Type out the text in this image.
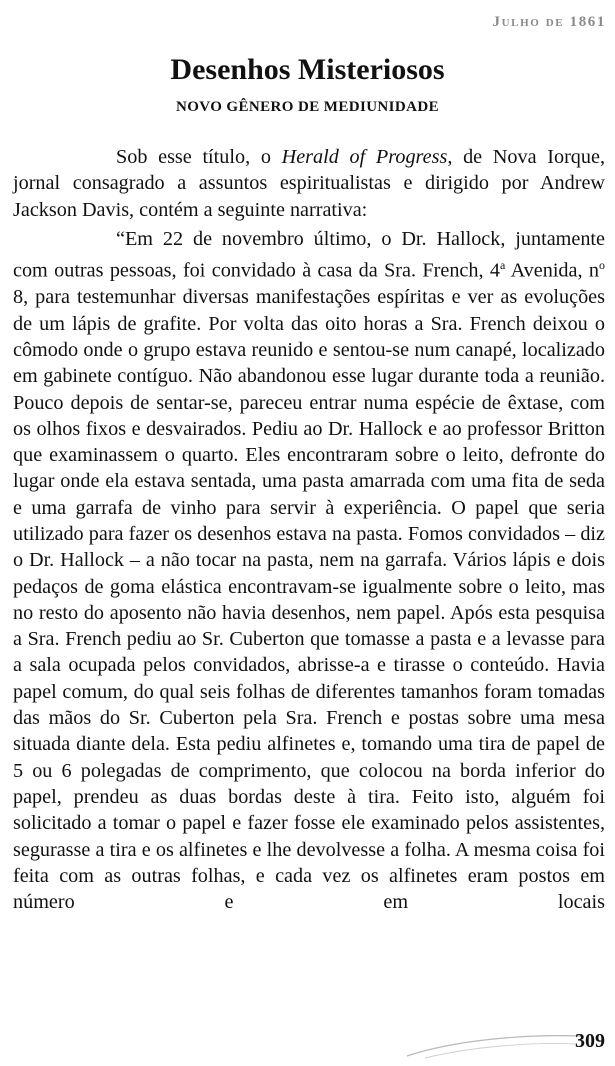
Julho de 1861
Desenhos Misteriosos
NOVO GÊNERO DE MEDIUNIDADE

Sob esse título, o Herald of Progress, de Nova Iorque, jornal consagrado a assuntos espiritualistas e dirigido por Andrew Jackson Davis, contém a seguinte narrativa:

“Em 22 de novembro último, o Dr. Hallock, juntamente com outras pessoas, foi convidado à casa da Sra. French, 4$^a$ Avenida, $n^o$ 8, para testemunhar diversas manifestações espíritas e ver as evoluções de um lápis de grafite. Por volta das oito horas a Sra. French deixou o cômodo onde o grupo estava reunido e sentou-se num canapé, localizado em gabinete contíguo. Não abandonou esse lugar durante toda a reunião. Pouco depois de sentar-se, pareceu entrar numa espécie de êxtase, com os olhos fixos e desvairados. Pediu ao Dr. Hallock e ao professor Britton que examinassem o quarto. Eles encontraram sobre o leito, defronte do lugar onde ela estava sentada, uma pasta amarrada com uma fita de seda e uma garrafa de vinho para servir à experiência. O papel que seria utilizado para fazer os desenhos estava na pasta. Fomos convidados – diz o Dr. Hallock – a não tocar na pasta, nem na garrafa. Vários lápis e dois pedaços de goma elástica encontravam-se igualmente sobre o leito, mas no resto do aposento não havia desenhos, nem papel. Após esta pesquisa a Sra. French pediu ao Sr. Cuberton que tomasse a pasta e a levasse para a sala ocupada pelos convidados, abrisse-a e tirasse o conteúdo. Havia papel comum, do qual seis folhas de diferentes tamanhos foram tomadas das mãos do Sr. Cuberton pela Sra. French e postas sobre uma mesa situada diante dela. Esta pediu alfinetes e, tomando uma tira de papel de 5 ou 6 polegadas de comprimento, que colocou na borda inferior do papel, prendeu as duas bordas deste à tira. Feito isto, alguém foi solicitado a tomar o papel e fazer fosse ele examinado pelos assistentes, segurasse a tira e os alfinetes e lhe devolvesse a folha. A mesma coisa foi feita com as outras folhas, e cada vez os alfinetes eram postos em número e em locais

309
